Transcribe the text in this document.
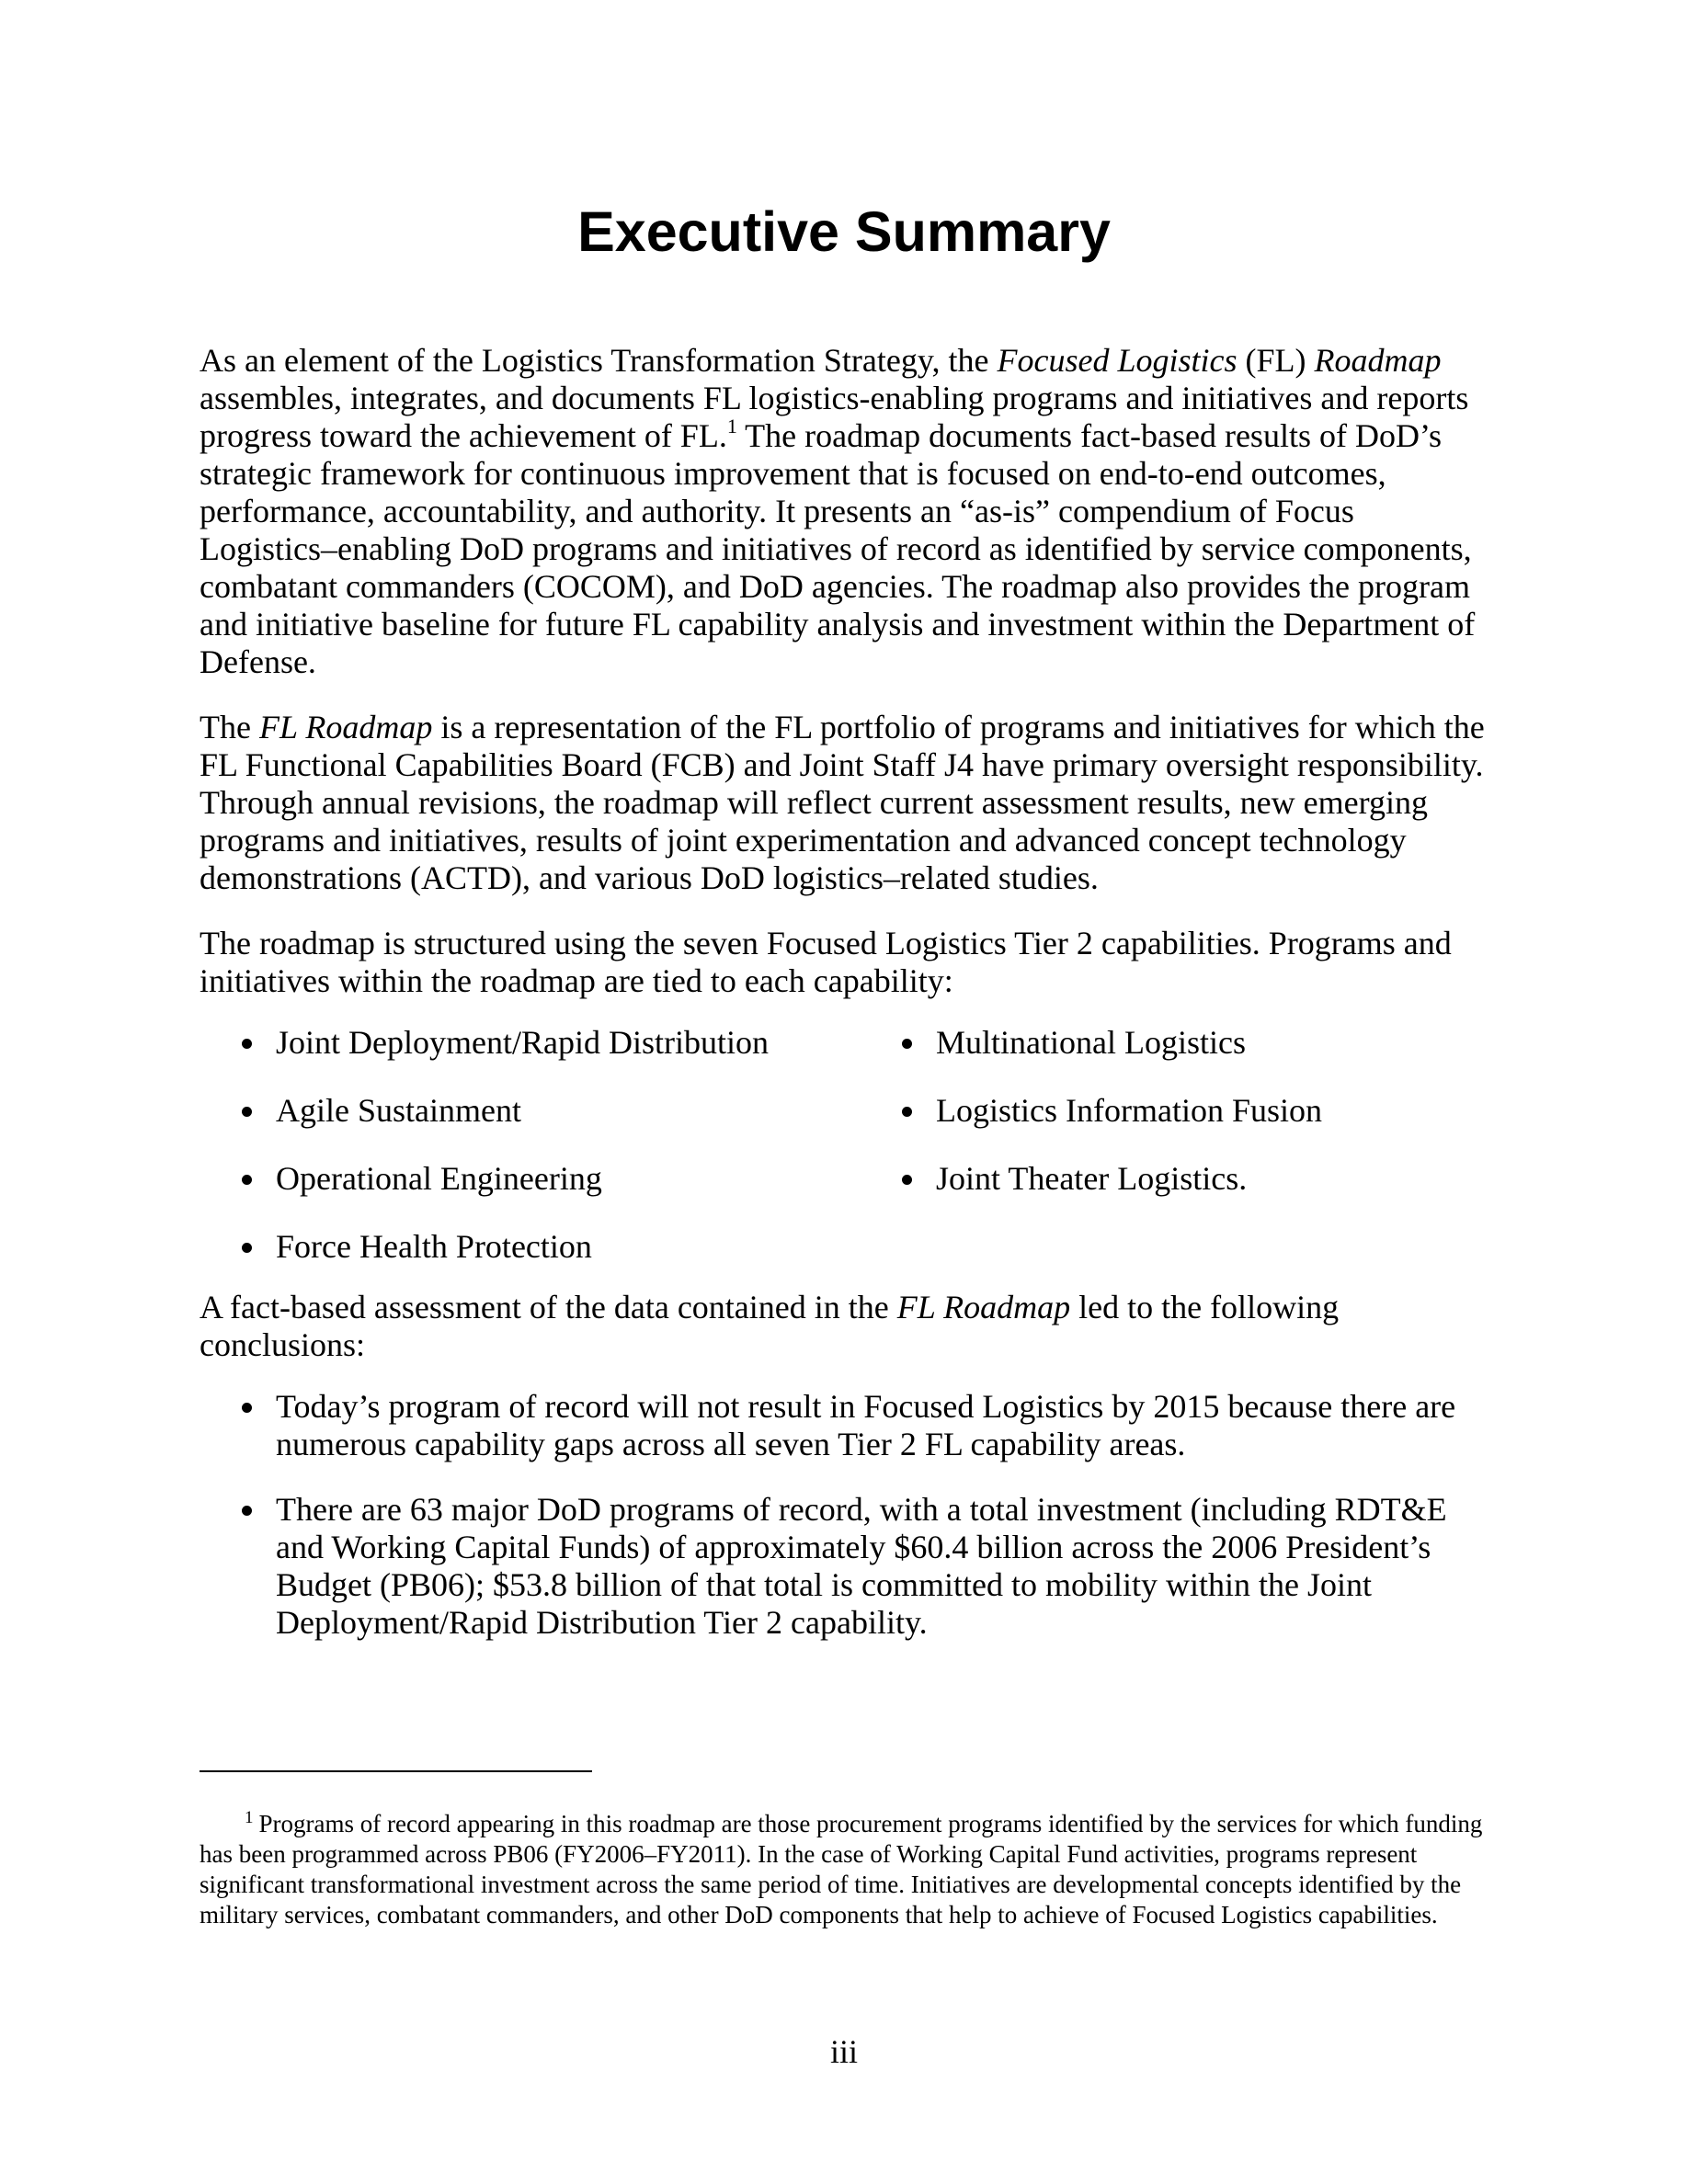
Executive Summary

As an element of the Logistics Transformation Strategy, the Focused Logistics (FL) Roadmap assembles, integrates, and documents FL logistics-enabling programs and initiatives and reports progress toward the achievement of FL.$^1$ The roadmap documents fact-based results of DoD’s strategic framework for continuous improvement that is focused on end-to-end outcomes, performance, accountability, and authority. It presents an “as-is” compendium of Focus Logistics–enabling DoD programs and initiatives of record as identified by service components, combatant commanders (COCOM), and DoD agencies. The roadmap also provides the program and initiative baseline for future FL capability analysis and investment within the Department of Defense.

The FL Roadmap is a representation of the FL portfolio of programs and initiatives for which the FL Functional Capabilities Board (FCB) and Joint Staff J4 have primary oversight responsibility. Through annual revisions, the roadmap will reflect current assessment results, new emerging programs and initiatives, results of joint experimentation and advanced concept technology demonstrations (ACTD), and various DoD logistics–related studies.

The roadmap is structured using the seven Focused Logistics Tier 2 capabilities. Programs and initiatives within the roadmap are tied to each capability:

Joint Deployment/Rapid Distribution	Multinational Logistics
Agile Sustainment	Logistics Information Fusion
Operational Engineering	Joint Theater Logistics.
Force Health Protection

A fact-based assessment of the data contained in the FL Roadmap led to the following conclusions:

Today’s program of record will not result in Focused Logistics by 2015 because there are numerous capability gaps across all seven Tier 2 FL capability areas.
There are 63 major DoD programs of record, with a total investment (including RDT&E and Working Capital Funds) of approximately $60.4 billion across the 2006 President’s Budget (PB06); $53.8 billion of that total is committed to mobility within the Joint Deployment/Rapid Distribution Tier 2 capability.

$^1$ Programs of record appearing in this roadmap are those procurement programs identified by the services for which funding has been programmed across PB06 (FY2006–FY2011). In the case of Working Capital Fund activities, programs represent significant transformational investment across the same period of time. Initiatives are developmental concepts identified by the military services, combatant commanders, and other DoD components that help to achieve of Focused Logistics capabilities.

iii
